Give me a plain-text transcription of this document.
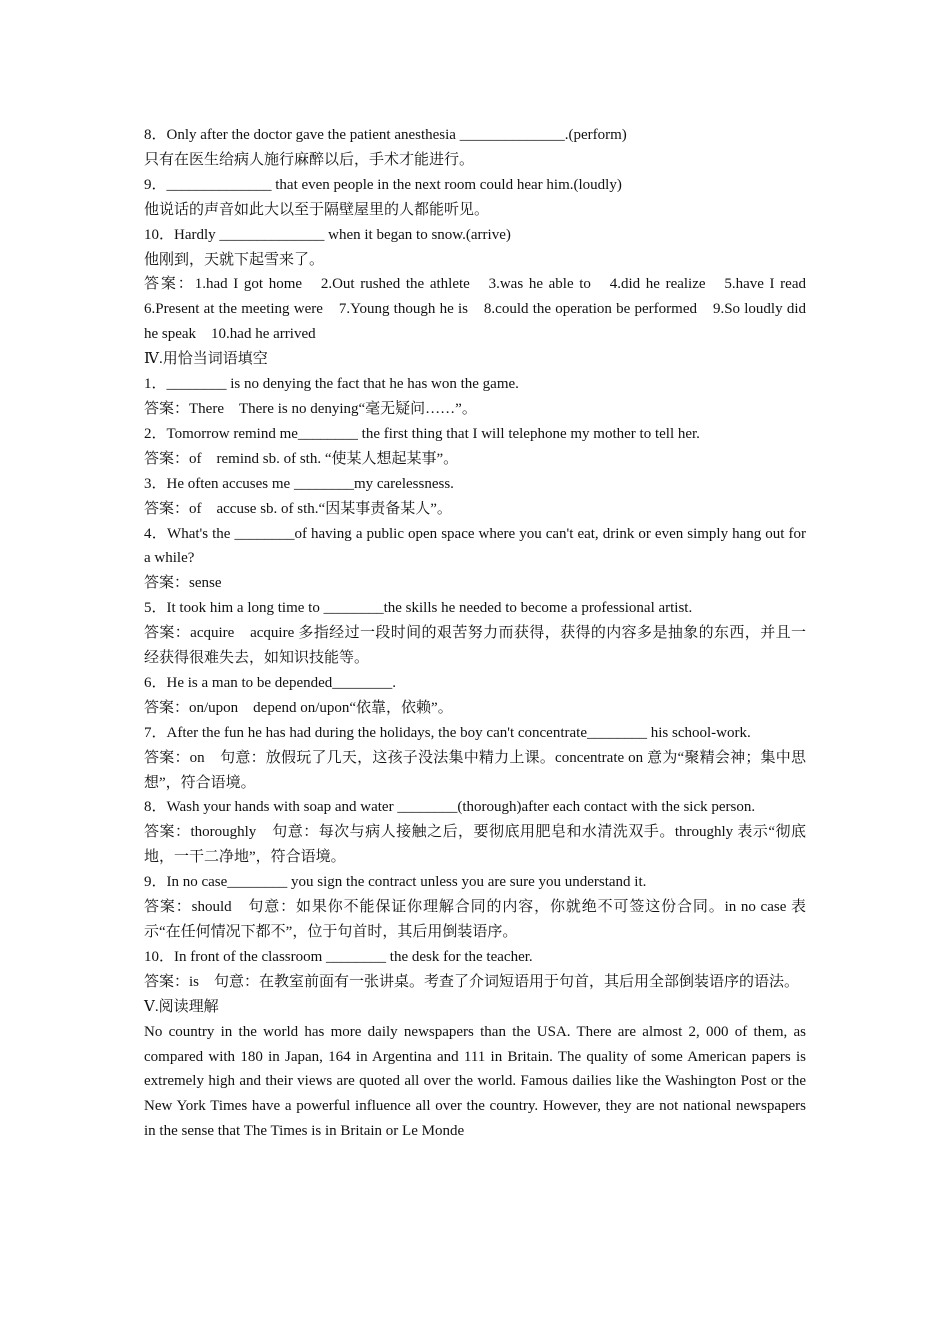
8．Only after the doctor gave the patient anesthesia ______________.(perform)

只有在医生给病人施行麻醉以后，手术才能进行。

9．______________ that even people in the next room could hear him.(loudly)

他说话的声音如此大以至于隔壁屋里的人都能听见。

10．Hardly ______________ when it began to snow.(arrive)

他刚到，天就下起雪来了。

答案：1.had I got home　2.Out rushed the athlete　3.was he able to　4.did he realize　5.have I read　6.Present at the meeting were　7.Young though he is　8.could the operation be performed　9.So loudly did he speak　10.had he arrived

Ⅳ.用恰当词语填空

1．________ is no denying the fact that he has won the game.

答案：There　There is no denying“毫无疑问……”。

2．Tomorrow remind me________ the first thing that I will telephone my mother to tell her.

答案：of　remind sb. of sth. “使某人想起某事”。

3．He often accuses me ________my carelessness.

答案：of　accuse sb. of sth.“因某事责备某人”。

4．What's the ________of having a public open space where you can't eat, drink or even simply hang out for a while?

答案：sense

5．It took him a long time to ________the skills he needed to become a professional artist.

答案：acquire　acquire 多指经过一段时间的艰苦努力而获得，获得的内容多是抽象的东西，并且一经获得很难失去，如知识技能等。

6．He is a man to be depended________.

答案：on/upon　depend on/upon“依靠，依赖”。

7．After the fun he has had during the holidays, the boy can't concentrate________ his school-work.

答案：on　句意：放假玩了几天，这孩子没法集中精力上课。concentrate on 意为“聚精会神；集中思想”，符合语境。

8．Wash your hands with soap and water ________(thorough)after each contact with the sick person.

答案：thoroughly　句意：每次与病人接触之后，要彻底用肥皂和水清洗双手。throughly 表示“彻底地，一干二净地”，符合语境。

9．In no case________ you sign the contract unless you are sure you understand it.

答案：should　句意：如果你不能保证你理解合同的内容，你就绝不可签这份合同。in no case 表示“在任何情况下都不”，位于句首时，其后用倒装语序。

10．In front of the classroom ________ the desk for the teacher.

答案：is　句意：在教室前面有一张讲桌。考查了介词短语用于句首，其后用全部倒装语序的语法。

Ⅴ.阅读理解

No country in the world has more daily newspapers than the USA. There are almost 2, 000 of them, as compared with 180 in Japan, 164 in Argentina and 111 in Britain. The quality of some American papers is extremely high and their views are quoted all over the world. Famous dailies like the Washington Post or the New York Times have a powerful influence all over the country. However, they are not national newspapers in the sense that The Times is in Britain or Le Monde
